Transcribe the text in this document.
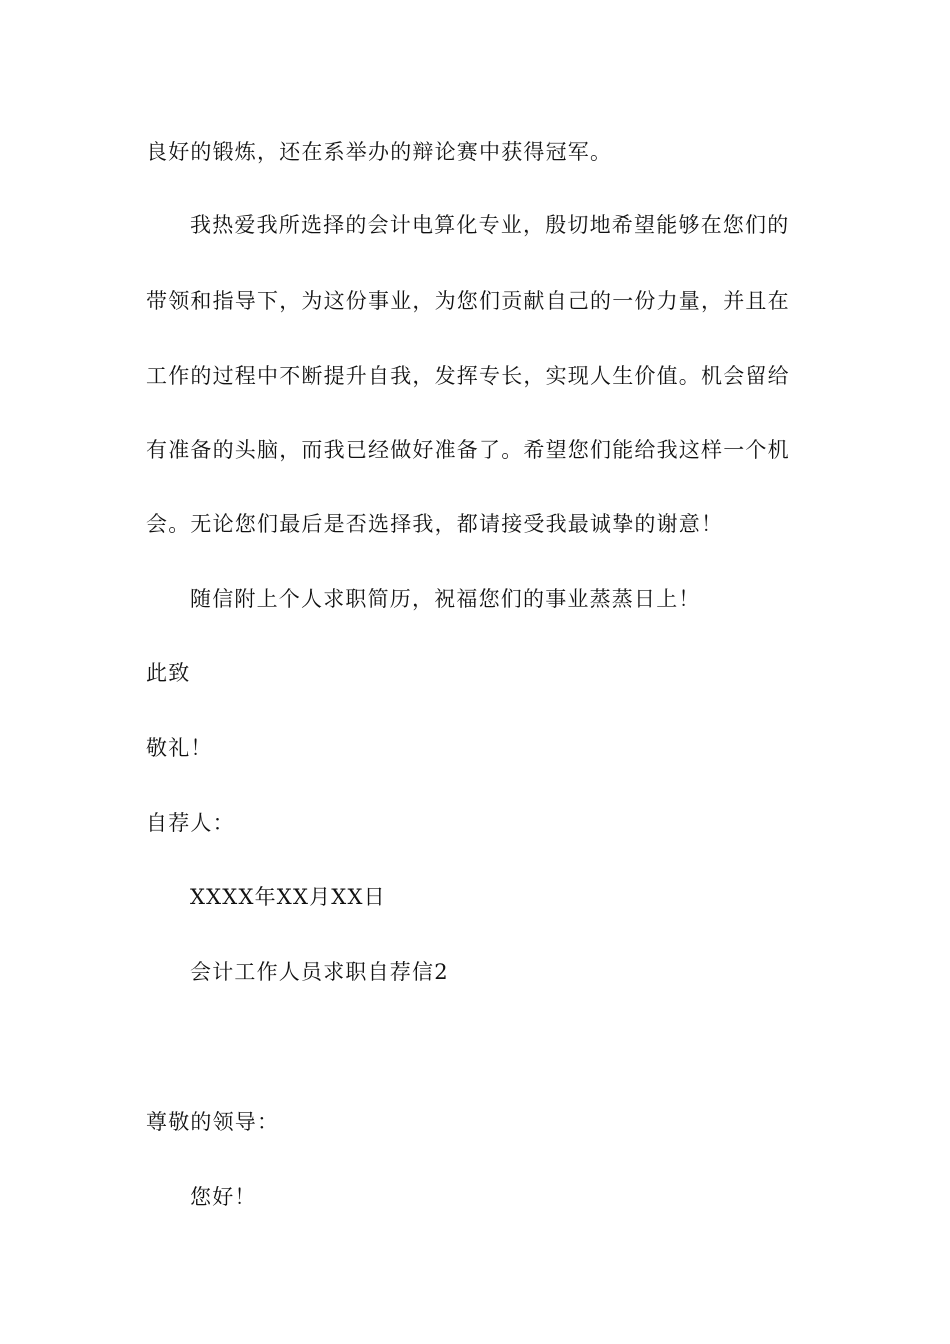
良好的锻炼，还在系举办的辩论赛中获得冠军。
我热爱我所选择的会计电算化专业，殷切地希望能够在您们的
带领和指导下，为这份事业，为您们贡献自己的一份力量，并且在
工作的过程中不断提升自我，发挥专长，实现人生价值。机会留给
有准备的头脑，而我已经做好准备了。希望您们能给我这样一个机
会。无论您们最后是否选择我，都请接受我最诚挚的谢意！
随信附上个人求职简历，祝福您们的事业蒸蒸日上！
此致
敬礼！
自荐人：
XXXX年XX月XX日
会计工作人员求职自荐信2
尊敬的领导：
您好！
